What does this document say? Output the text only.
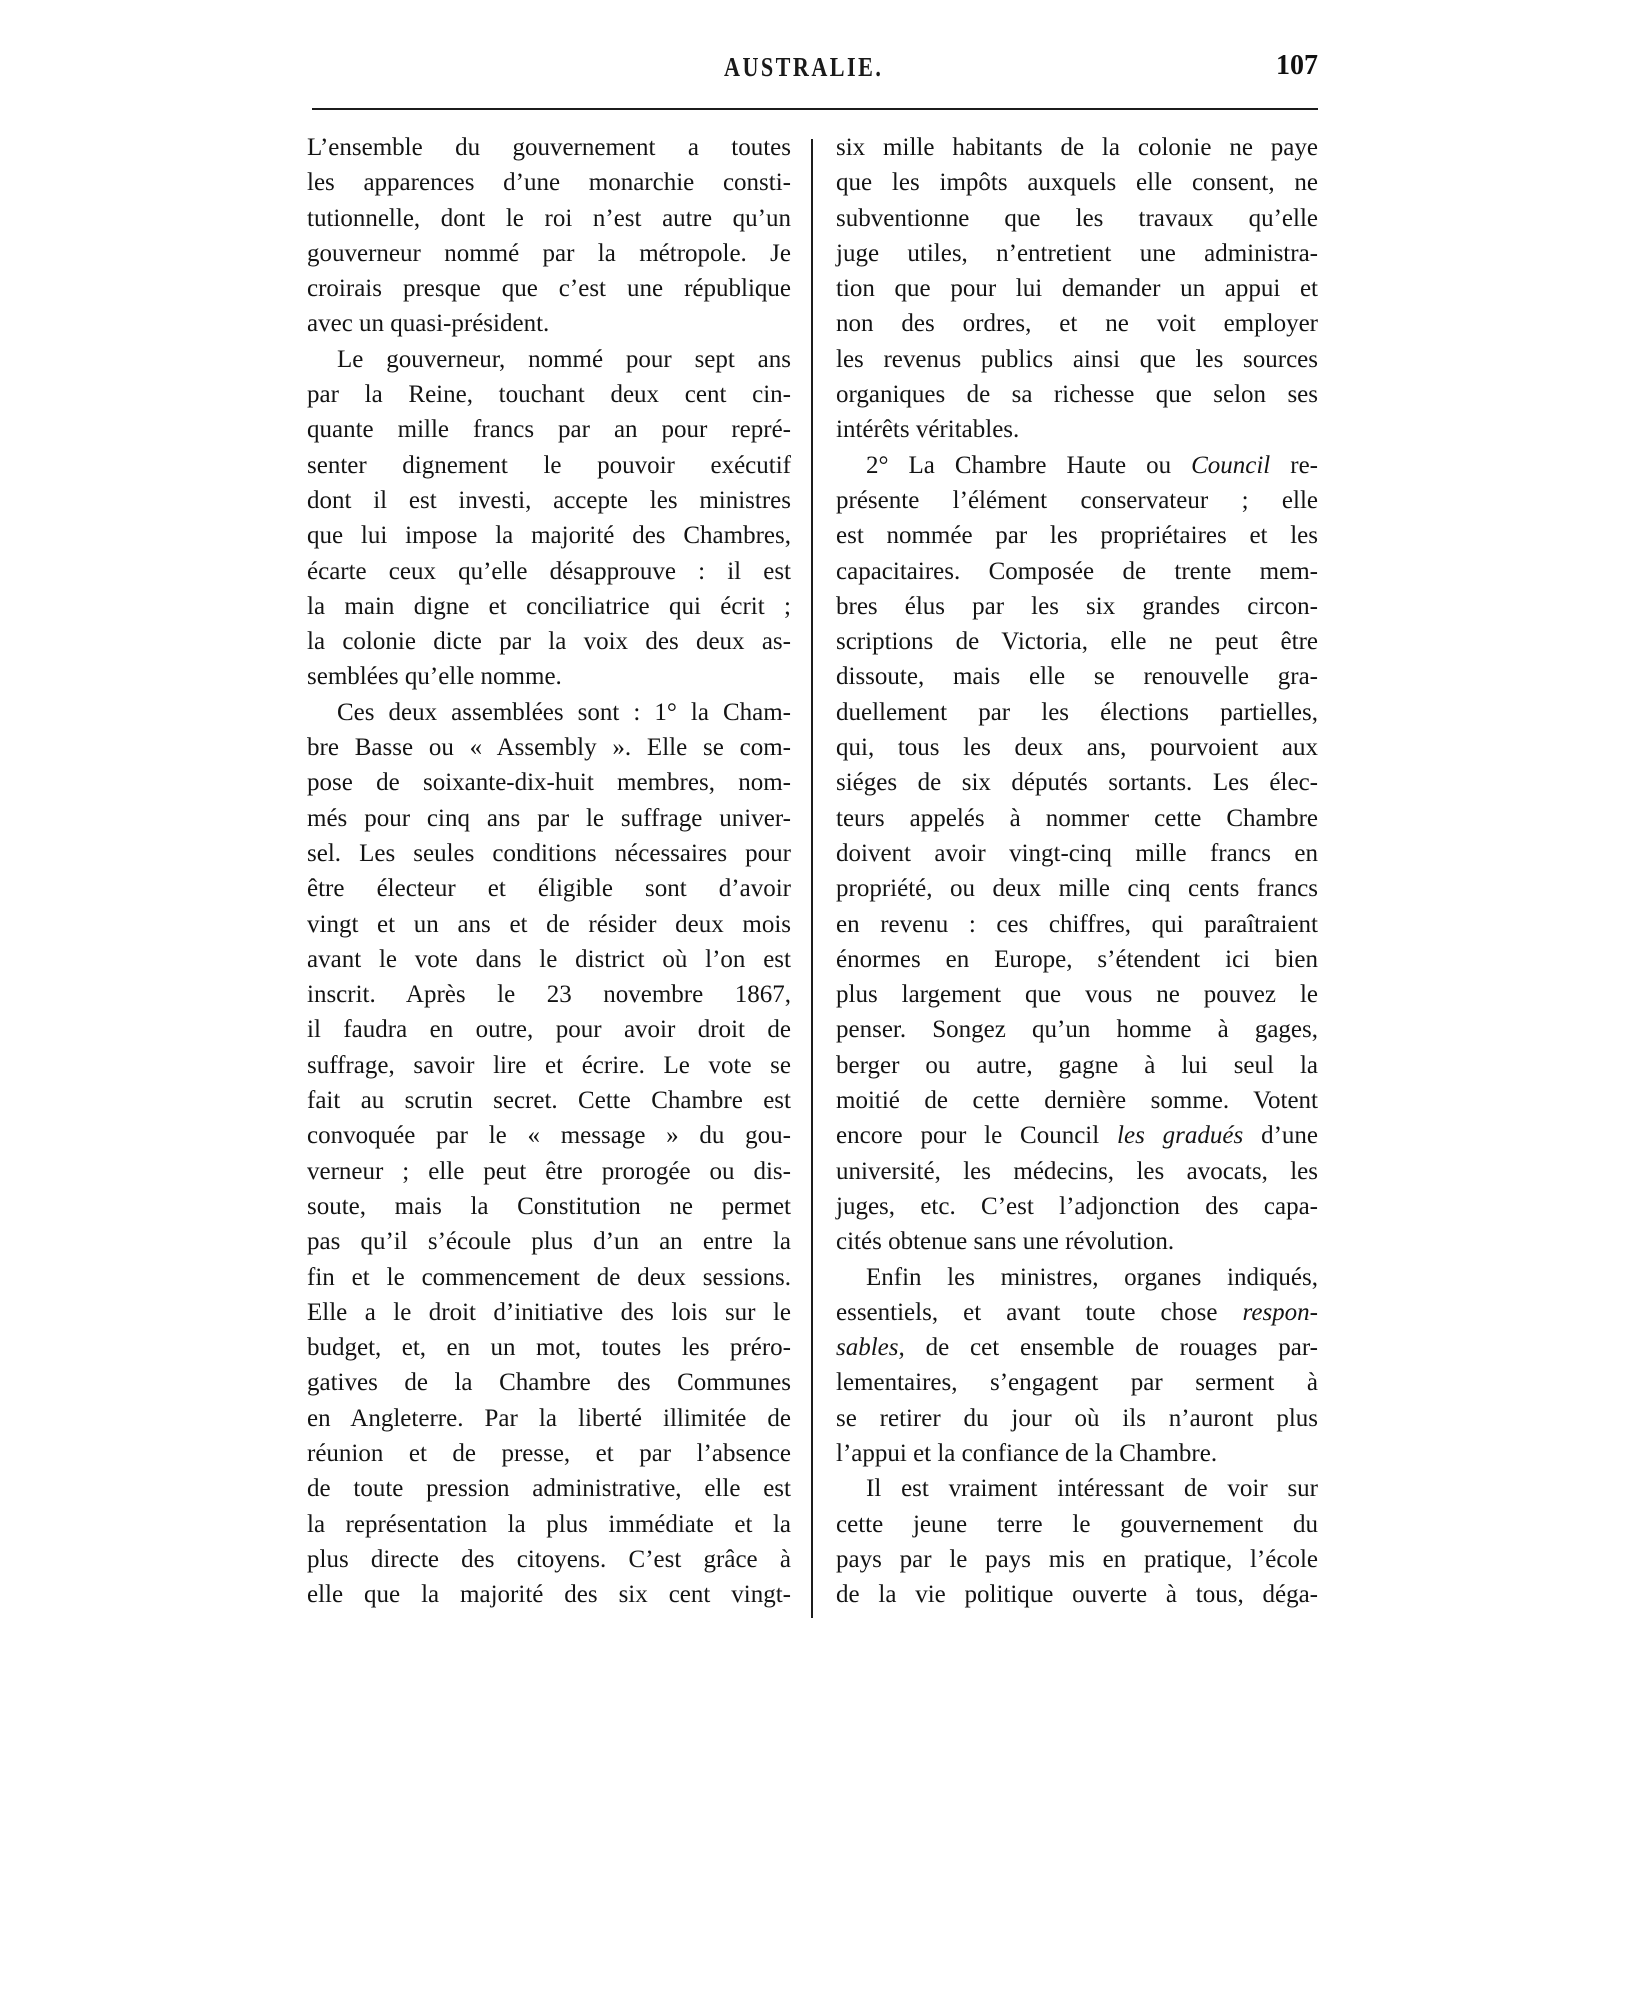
AUSTRALIE.	107
L’ensemble du gouvernement a toutes
les apparences d’une monarchie consti-
tutionnelle, dont le roi n’est autre qu’un
gouverneur nommé par la métropole. Je
croirais presque que c’est une république
avec un quasi-président.
Le gouverneur, nommé pour sept ans
par la Reine, touchant deux cent cin-
quante mille francs par an pour repré-
senter dignement le pouvoir exécutif
dont il est investi, accepte les ministres
que lui impose la majorité des Chambres,
écarte ceux qu’elle désapprouve : il est
la main digne et conciliatrice qui écrit ;
la colonie dicte par la voix des deux as-
semblées qu’elle nomme.
Ces deux assemblées sont : 1° la Cham-
bre Basse ou « Assembly ». Elle se com-
pose de soixante-dix-huit membres, nom-
més pour cinq ans par le suffrage univer-
sel. Les seules conditions nécessaires pour
être électeur et éligible sont d’avoir
vingt et un ans et de résider deux mois
avant le vote dans le district où l’on est
inscrit. Après le 23 novembre 1867,
il faudra en outre, pour avoir droit de
suffrage, savoir lire et écrire. Le vote se
fait au scrutin secret. Cette Chambre est
convoquée par le « message » du gou-
verneur ; elle peut être prorogée ou dis-
soute, mais la Constitution ne permet
pas qu’il s’écoule plus d’un an entre la
fin et le commencement de deux sessions.
Elle a le droit d’initiative des lois sur le
budget, et, en un mot, toutes les préro-
gatives de la Chambre des Communes
en Angleterre. Par la liberté illimitée de
réunion et de presse, et par l’absence
de toute pression administrative, elle est
la représentation la plus immédiate et la
plus directe des citoyens. C’est grâce à
elle que la majorité des six cent vingt-
six mille habitants de la colonie ne paye
que les impôts auxquels elle consent, ne
subventionne que les travaux qu’elle
juge utiles, n’entretient une administra-
tion que pour lui demander un appui et
non des ordres, et ne voit employer
les revenus publics ainsi que les sources
organiques de sa richesse que selon ses
intérêts véritables.
2° La Chambre Haute ou Council re-
présente l’élément conservateur ; elle
est nommée par les propriétaires et les
capacitaires. Composée de trente mem-
bres élus par les six grandes circon-
scriptions de Victoria, elle ne peut être
dissoute, mais elle se renouvelle gra-
duellement par les élections partielles,
qui, tous les deux ans, pourvoient aux
siéges de six députés sortants. Les élec-
teurs appelés à nommer cette Chambre
doivent avoir vingt-cinq mille francs en
propriété, ou deux mille cinq cents francs
en revenu : ces chiffres, qui paraîtraient
énormes en Europe, s’étendent ici bien
plus largement que vous ne pouvez le
penser. Songez qu’un homme à gages,
berger ou autre, gagne à lui seul la
moitié de cette dernière somme. Votent
encore pour le Council les gradués d’une
université, les médecins, les avocats, les
juges, etc. C’est l’adjonction des capa-
cités obtenue sans une révolution.
Enfin les ministres, organes indiqués,
essentiels, et avant toute chose respon-
sables, de cet ensemble de rouages par-
lementaires, s’engagent par serment à
se retirer du jour où ils n’auront plus
l’appui et la confiance de la Chambre.
Il est vraiment intéressant de voir sur
cette jeune terre le gouvernement du
pays par le pays mis en pratique, l’école
de la vie politique ouverte à tous, déga-
